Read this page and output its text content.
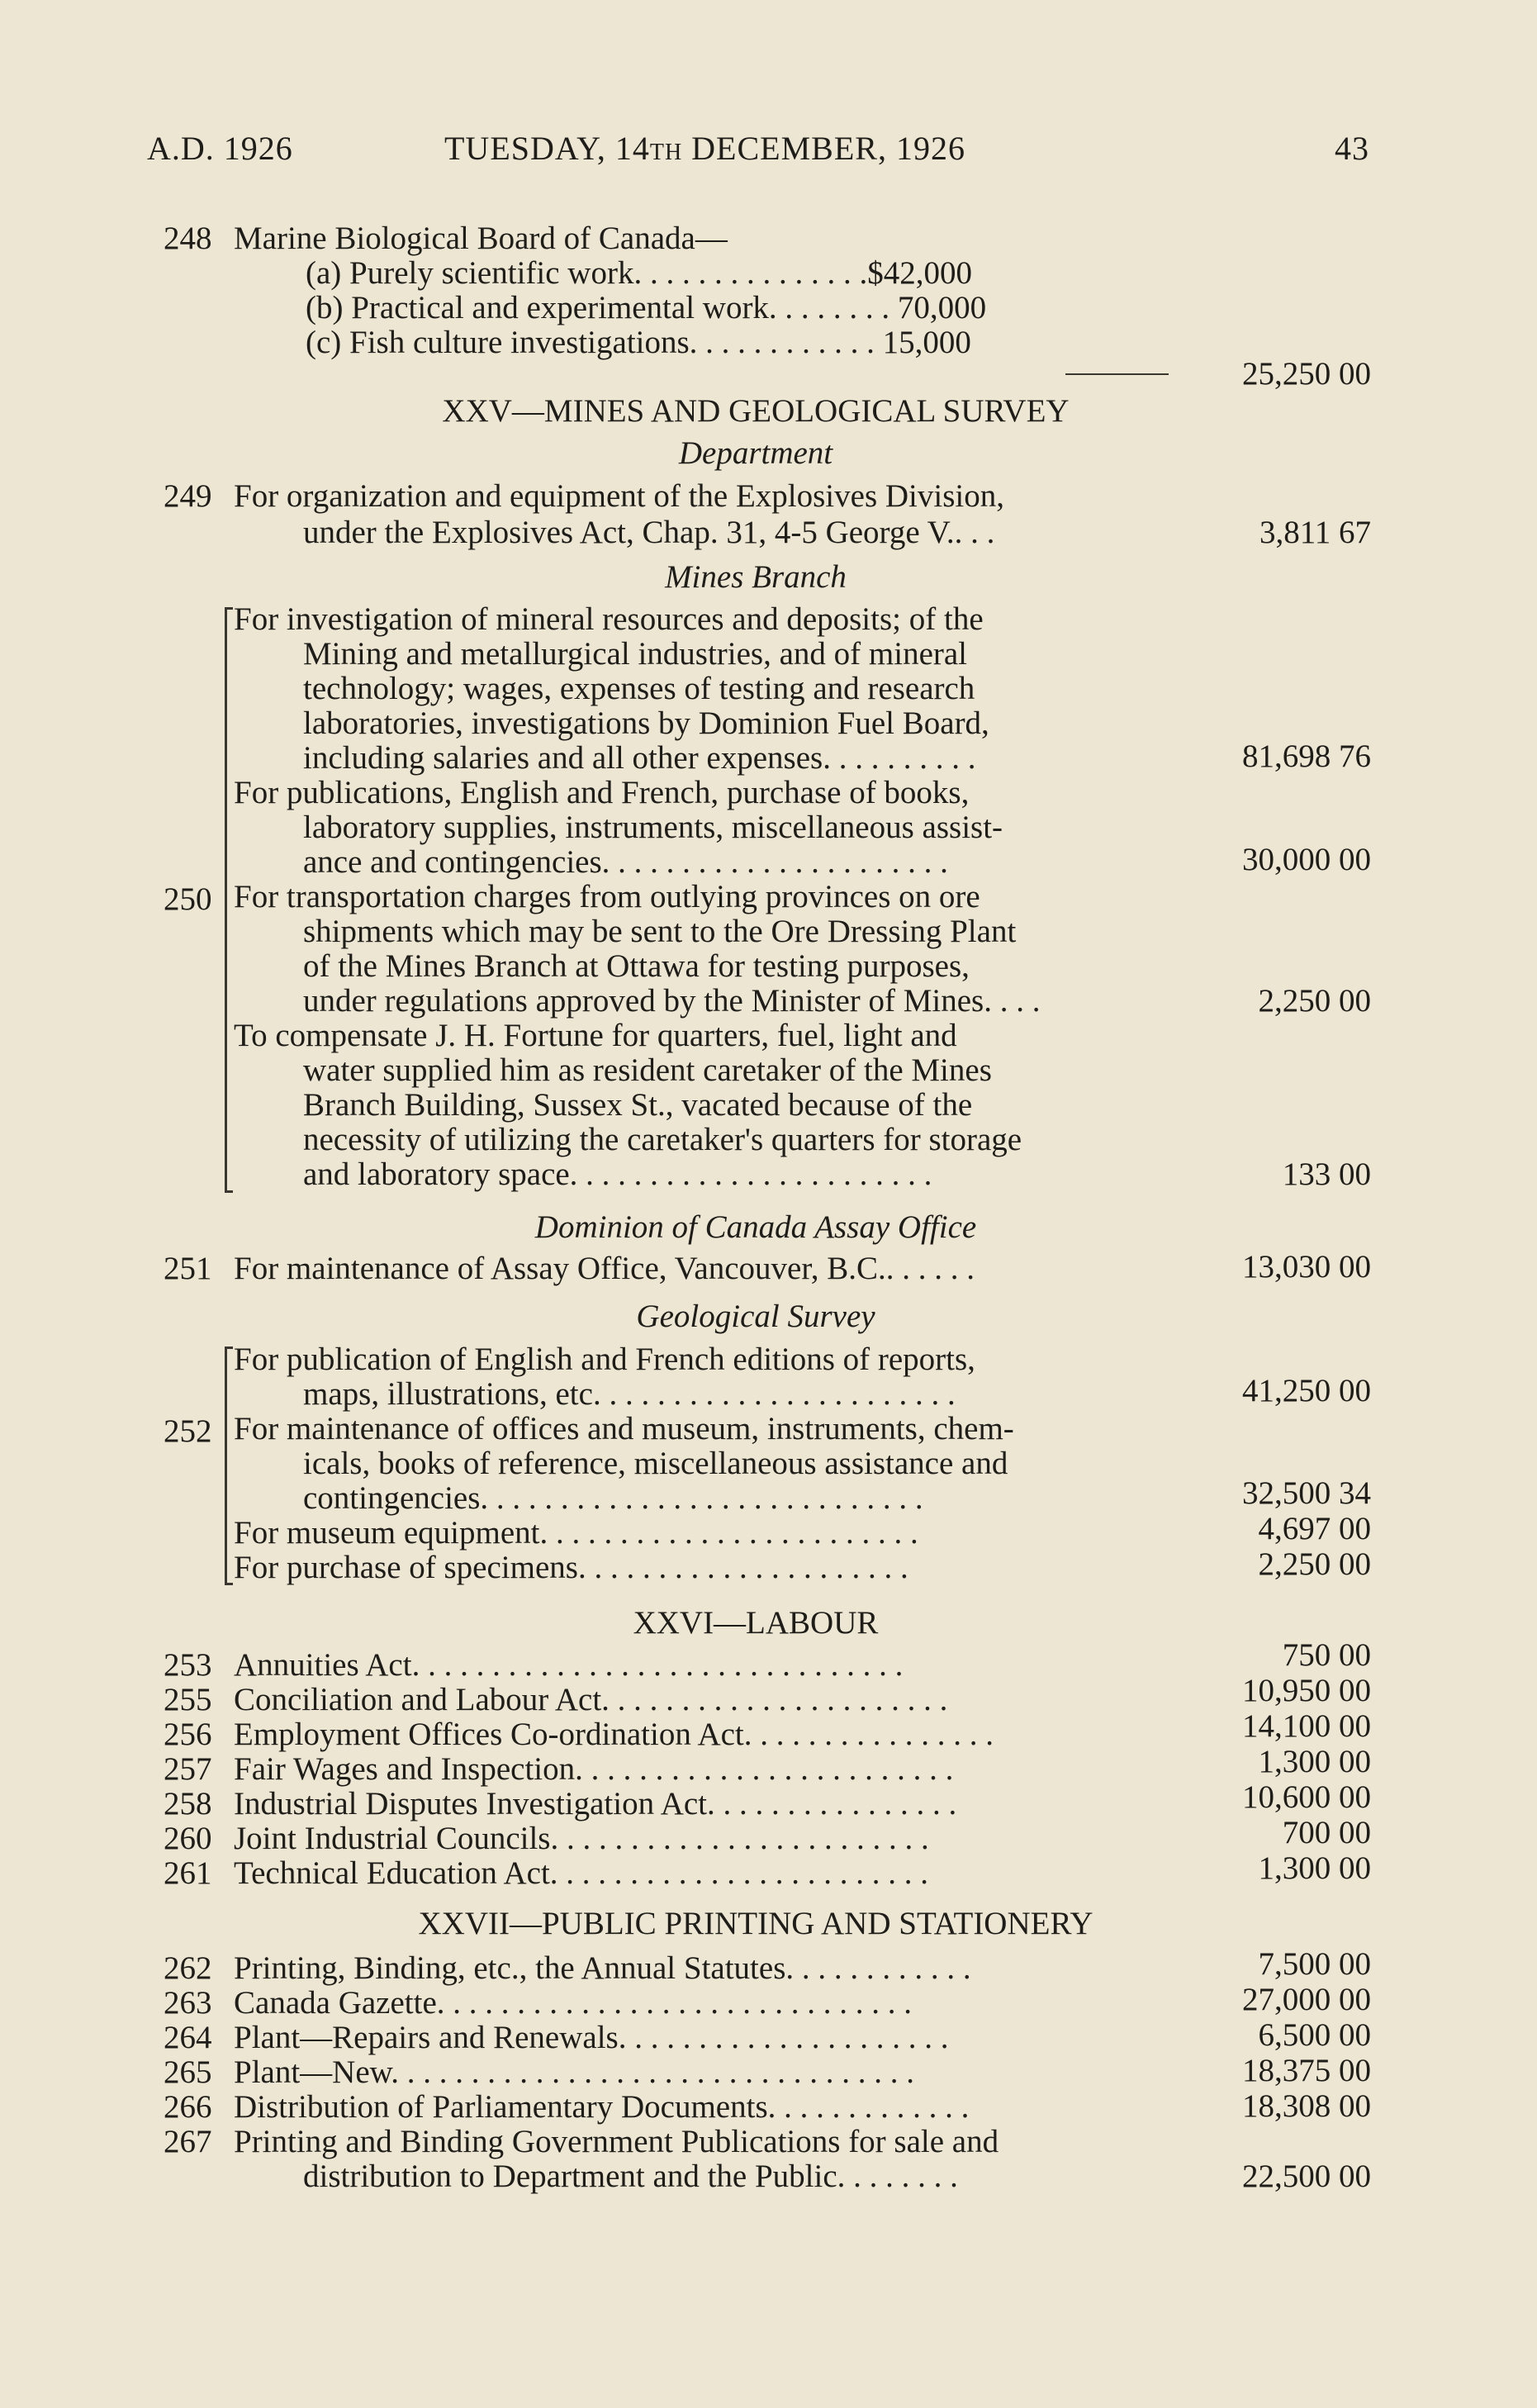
A.D. 1926	TUESDAY, 14TH DECEMBER, 1926	43
248 Marine Biological Board of Canada—
(a) Purely scientific work. . . . . . . . . . . . . . .$42,000
(b) Practical and experimental work. . . . . . . . 70,000
(c) Fish culture investigations. . . . . . . . . . . . 15,000
25,250 00
XXV—MINES AND GEOLOGICAL SURVEY
Department
249 For organization and equipment of the Explosives Division,
under the Explosives Act, Chap. 31, 4-5 George V.. . .	3,811 67
Mines Branch
250
For investigation of mineral resources and deposits; of the
Mining and metallurgical industries, and of mineral
technology; wages, expenses of testing and research
laboratories, investigations by Dominion Fuel Board,
including salaries and all other expenses. . . . . . . . . .	81,698 76
For publications, English and French, purchase of books,
laboratory supplies, instruments, miscellaneous assist-
ance and contingencies. . . . . . . . . . . . . . . . . . . . . .	30,000 00
For transportation charges from outlying provinces on ore
shipments which may be sent to the Ore Dressing Plant
of the Mines Branch at Ottawa for testing purposes,
under regulations approved by the Minister of Mines. . . .	2,250 00
To compensate J. H. Fortune for quarters, fuel, light and
water supplied him as resident caretaker of the Mines
Branch Building, Sussex St., vacated because of the
necessity of utilizing the caretaker's quarters for storage
and laboratory space. . . . . . . . . . . . . . . . . . . . . . .	133 00
Dominion of Canada Assay Office
251 For maintenance of Assay Office, Vancouver, B.C.. . . . . .	13,030 00
Geological Survey
252
For publication of English and French editions of reports,
maps, illustrations, etc. . . . . . . . . . . . . . . . . . . . . . .	41,250 00
For maintenance of offices and museum, instruments, chem-
icals, books of reference, miscellaneous assistance and
contingencies. . . . . . . . . . . . . . . . . . . . . . . . . . . .	32,500 34
For museum equipment. . . . . . . . . . . . . . . . . . . . . . . .	4,697 00
For purchase of specimens. . . . . . . . . . . . . . . . . . . . .	2,250 00
XXVI—LABOUR
253 Annuities Act. . . . . . . . . . . . . . . . . . . . . . . . . . . . . . .	750 00
255 Conciliation and Labour Act. . . . . . . . . . . . . . . . . . . . . .	10,950 00
256 Employment Offices Co-ordination Act. . . . . . . . . . . . . . . .	14,100 00
257 Fair Wages and Inspection. . . . . . . . . . . . . . . . . . . . . . . .	1,300 00
258 Industrial Disputes Investigation Act. . . . . . . . . . . . . . . .	10,600 00
260 Joint Industrial Councils. . . . . . . . . . . . . . . . . . . . . . . .	700 00
261 Technical Education Act. . . . . . . . . . . . . . . . . . . . . . . .	1,300 00
XXVII—PUBLIC PRINTING AND STATIONERY
262 Printing, Binding, etc., the Annual Statutes. . . . . . . . . . . .	7,500 00
263 Canada Gazette. . . . . . . . . . . . . . . . . . . . . . . . . . . . . .	27,000 00
264 Plant—Repairs and Renewals. . . . . . . . . . . . . . . . . . . . .	6,500 00
265 Plant—New. . . . . . . . . . . . . . . . . . . . . . . . . . . . . . . . .	18,375 00
266 Distribution of Parliamentary Documents. . . . . . . . . . . . .	18,308 00
267 Printing and Binding Government Publications for sale and
distribution to Department and the Public. . . . . . . .	22,500 00
